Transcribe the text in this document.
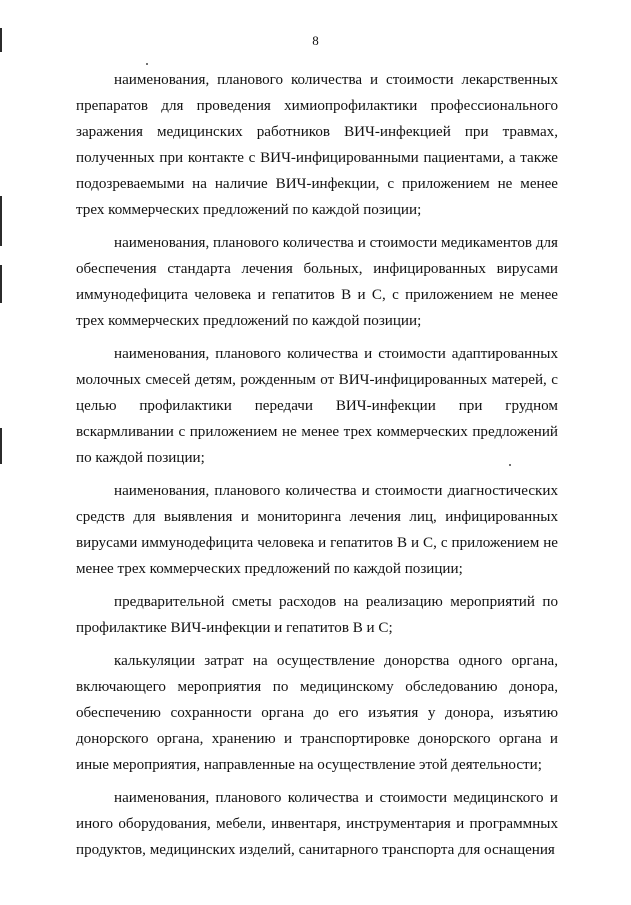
8

наименования, планового количества и стоимости лекарственных препаратов для проведения химиопрофилактики профессионального заражения медицинских работников ВИЧ-инфекцией при травмах, полученных при контакте с ВИЧ-инфицированными пациентами, а также подозреваемыми на наличие ВИЧ-инфекции, с приложением не менее трех коммерческих предложений по каждой позиции;

наименования, планового количества и стоимости медикаментов для обеспечения стандарта лечения больных, инфицированных вирусами иммунодефицита человека и гепатитов В и С, с приложением не менее трех коммерческих предложений по каждой позиции;

наименования, планового количества и стоимости адаптированных молочных смесей детям, рожденным от ВИЧ-инфицированных матерей, с целью профилактики передачи ВИЧ-инфекции при грудном вскармливании с приложением не менее трех коммерческих предложений по каждой позиции;

наименования, планового количества и стоимости диагностических средств для выявления и мониторинга лечения лиц, инфицированных вирусами иммунодефицита человека и гепатитов В и С, с приложением не менее трех коммерческих предложений по каждой позиции;

предварительной сметы расходов на реализацию мероприятий по профилактике ВИЧ-инфекции и гепатитов В и С;

калькуляции затрат на осуществление донорства одного органа, включающего мероприятия по медицинскому обследованию донора, обеспечению сохранности органа до его изъятия у донора, изъятию донорского органа, хранению и транспортировке донорского органа и иные мероприятия, направленные на осуществление этой деятельности;

наименования, планового количества и стоимости медицинского и иного оборудования, мебели, инвентаря, инструментария и программных продуктов, медицинских изделий, санитарного транспорта для оснащения
